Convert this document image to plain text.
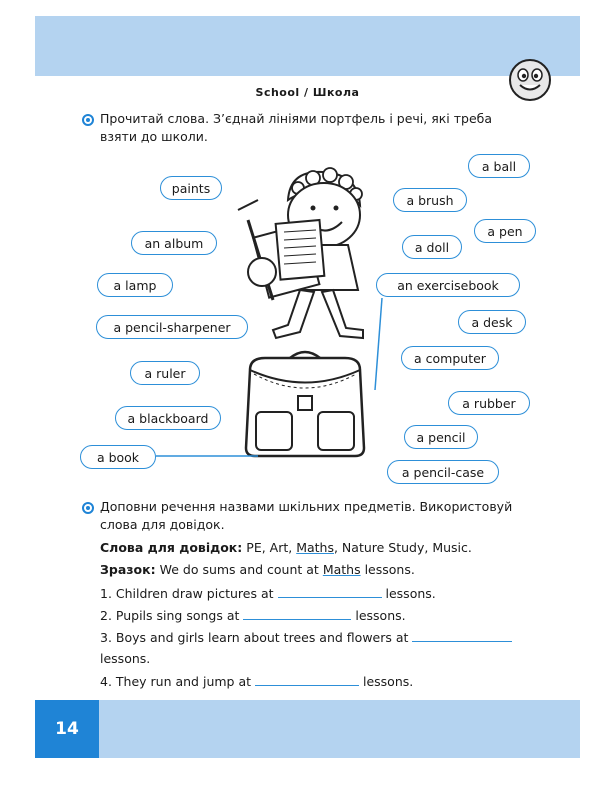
14
School / Школа
Прочитай слова. З’єднай лініями портфель і речі, які треба
взяти до школи.
a ball
paints
a brush
a pen
an album	a doll
a lamp	an exercisebook
a desk
a pencil-sharpener
a computer
a ruler
a rubber
a blackboard
a pencil
a book
a pencil-case
Доповни речення назвами шкільних предметів. Використовуй
слова для довідок.
Слова для довідок: PE, Art, Maths, Nature Study, Music.
Зразок: We do sums and count at Maths lessons.
1. Children draw pictures at	lessons.
2. Pupils sing songs at	lessons.
3. Boys and girls learn about trees and flowers at
lessons.
4. They run and jump at	lessons.
